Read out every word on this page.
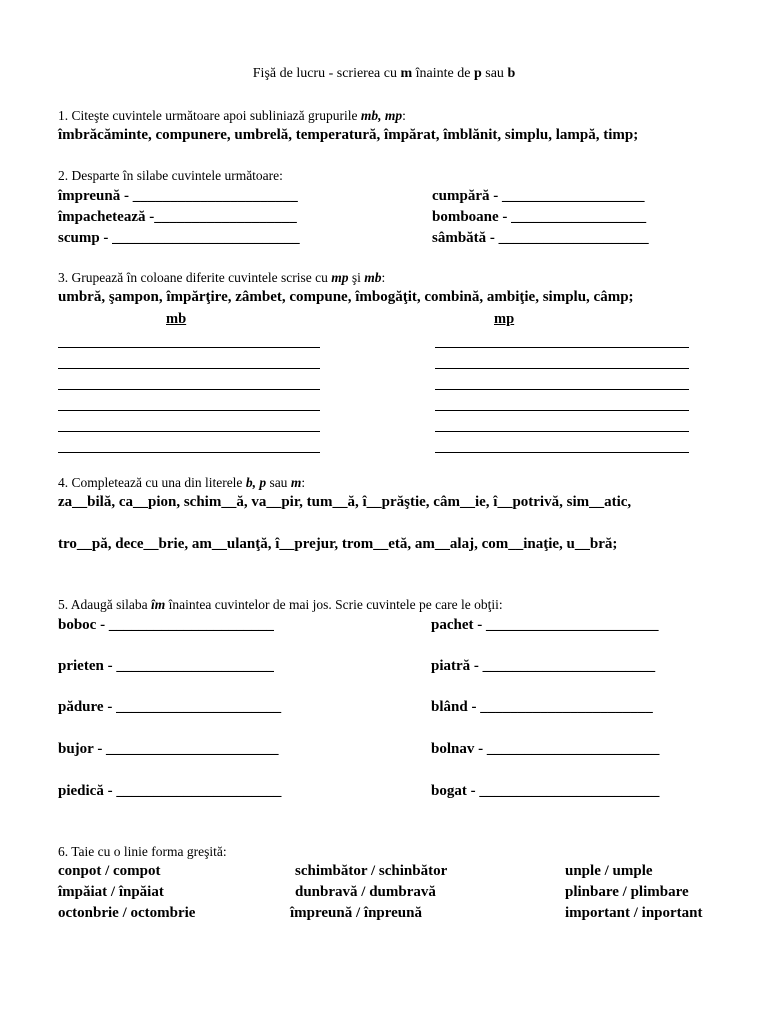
Fişă de lucru - scrierea cu m înainte de p sau b
1. Citeşte cuvintele următoare apoi subliniază grupurile mb, mp:
îmbrăcăminte, compunere, umbrelă, temperatură, împărat, îmblănit, simplu, lampă, timp;
2. Desparte în silabe cuvintele următoare:
împreună - ______________________
împachetează -___________________
scump - _________________________
cumpără - ___________________
bomboane - __________________
sâmbătă - ____________________
3. Grupează în coloane diferite cuvintele scrise cu mp şi mb:
umbră, şampon, împărţire, zâmbet, compune, îmbogăţit, combină, ambiţie, simplu, câmp;
mb	mp
4. Completează cu una din literele b, p sau m:
za__bilă, ca__pion, schim__ă, va__pir, tum__ă, î__prăştie, câm__ie, î__potrivă, sim__atic,
tro__pă, dece__brie, am__ulanţă, î__prejur, trom__etă, am__alaj, com__inaţie, u__bră;
5. Adaugă silaba îm înaintea cuvintelor de mai jos. Scrie cuvintele pe care le obţii:
boboc - ______________________
prieten - _____________________
pădure - ______________________
bujor - _______________________
piedică - ______________________
pachet - _______________________
piatră - _______________________
blând - _______________________
bolnav - _______________________
bogat - ________________________
6. Taie cu o linie forma greşită:
conpot / compot
împăiat / înpăiat
octonbrie / octombrie
schimbător / schinbător
dunbravă / dumbravă
împreună / înpreună
unple / umple
plinbare / plimbare
important / inportant
